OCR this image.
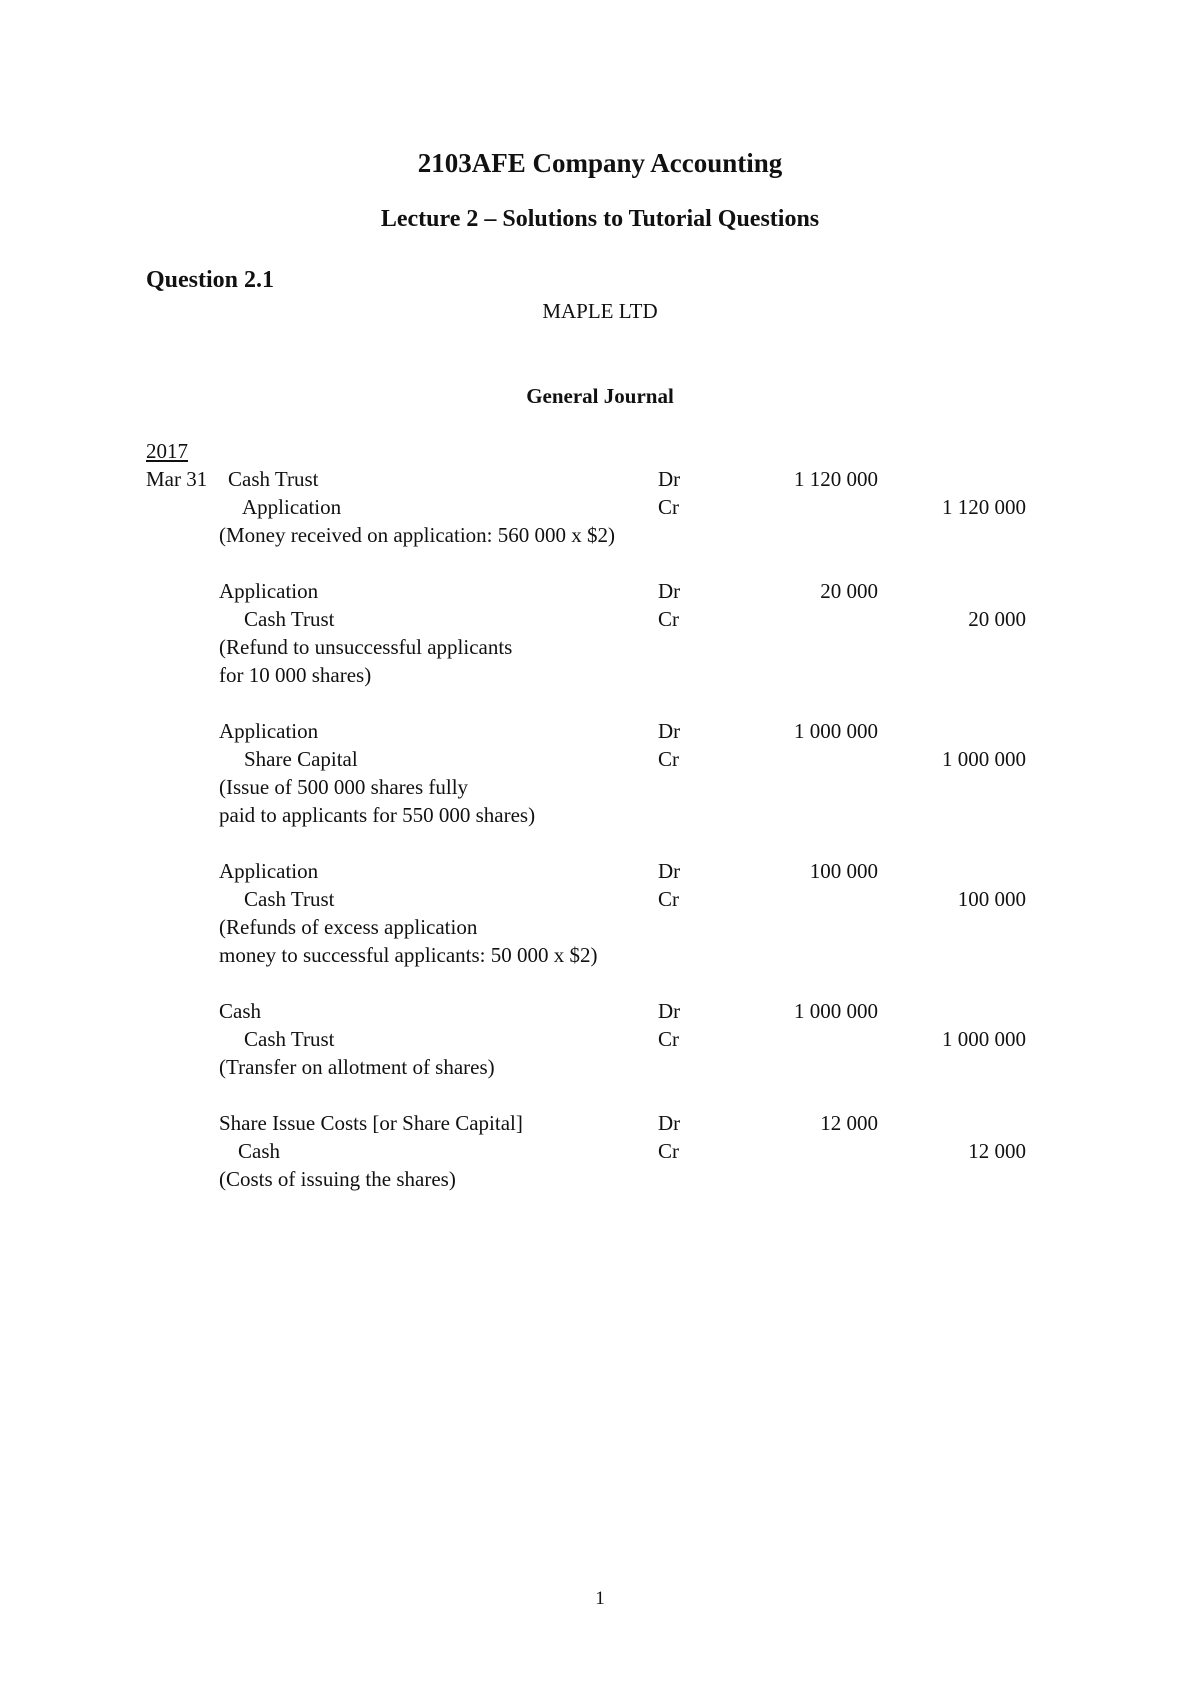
2103AFE Company Accounting
Lecture 2 – Solutions to Tutorial Questions
Question 2.1

MAPLE LTD

General Journal

2017
Mar 31 Cash Trust	Dr	1 120 000
Application	Cr	1 120 000
(Money received on application: 560 000 x $2)
Application	Dr	20 000
Cash Trust	Cr	20 000
(Refund to unsuccessful applicants
for 10 000 shares)
Application	Dr	1 000 000
Share Capital	Cr	1 000 000
(Issue of 500 000 shares fully
paid to applicants for 550 000 shares)
Application	Dr	100 000
Cash Trust	Cr	100 000
(Refunds of excess application
money to successful applicants: 50 000 x $2)
Cash	Dr	1 000 000
Cash Trust	Cr	1 000 000
(Transfer on allotment of shares)
Share Issue Costs [or Share Capital]	Dr	12 000
Cash	Cr	12 000
(Costs of issuing the shares)

1
